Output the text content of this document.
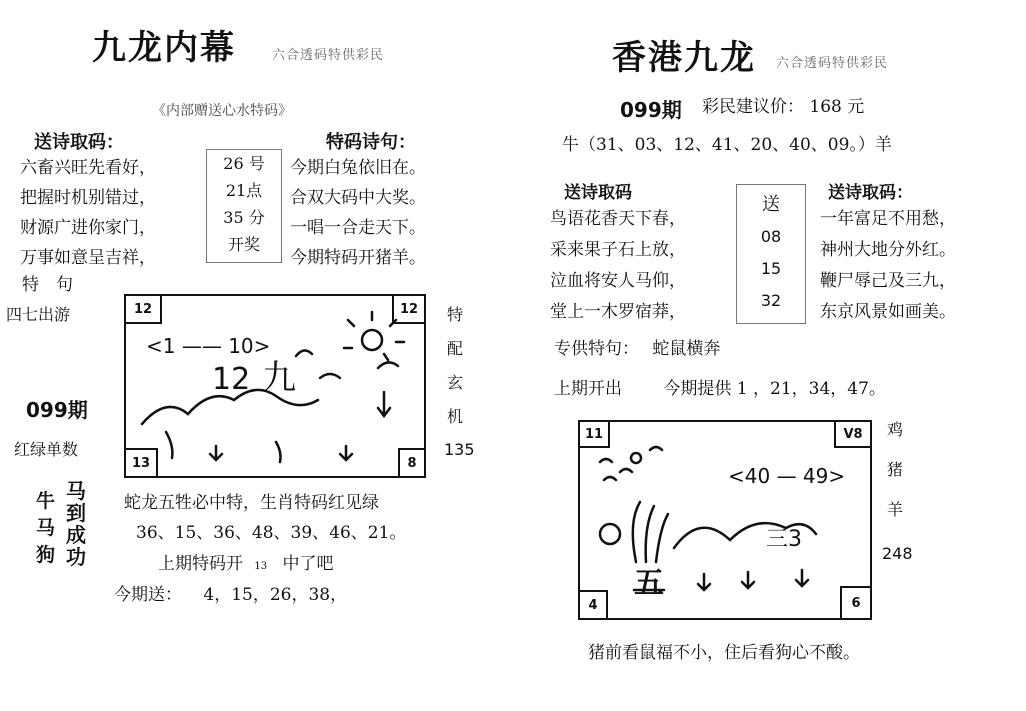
九龙内幕	六合透码特供彩民
《内部赠送心水特码》
送诗取码：	特码诗句：
六畜兴旺先看好，
把握时机别错过，
财源广进你家门，
万事如意呈吉祥，
26 号
21点
35 分
开奖
今期白兔依旧在。
合双大码中大奖。
一唱一合走天下。
今期特码开猪羊。
特　句
四七出游
099期
红绿单数
12	12
13	8
<1 —— 10>
12 九
特
配
玄
机
135
牛
马
狗
马
到
成
功
蛇龙五牲必中特，生肖特码红见绿
36、15、36、48、39、46、21。
上期特码开 13 中了吧
今期送： 4，15，26，38，
香港九龙 六合透码特供彩民
099期 彩民建议价： 168 元
牛（31、03、12、41、20、40、09。）羊
送诗取码	送诗取码：
鸟语花香天下春，
采来果子石上放，
泣血将安人马仰，
堂上一木罗宿莽，
送
08
15
32
一年富足不用愁，
神州大地分外红。
鞭尸辱己及三九，
东京风景如画美。
专供特句： 蛇鼠横奔
上期开出 今期提供 1 ，21，34，47。
11	V8
4	6
<40 — 49>
三3
五
鸡
猪
羊
248
猪前看鼠福不小，住后看狗心不酸。
